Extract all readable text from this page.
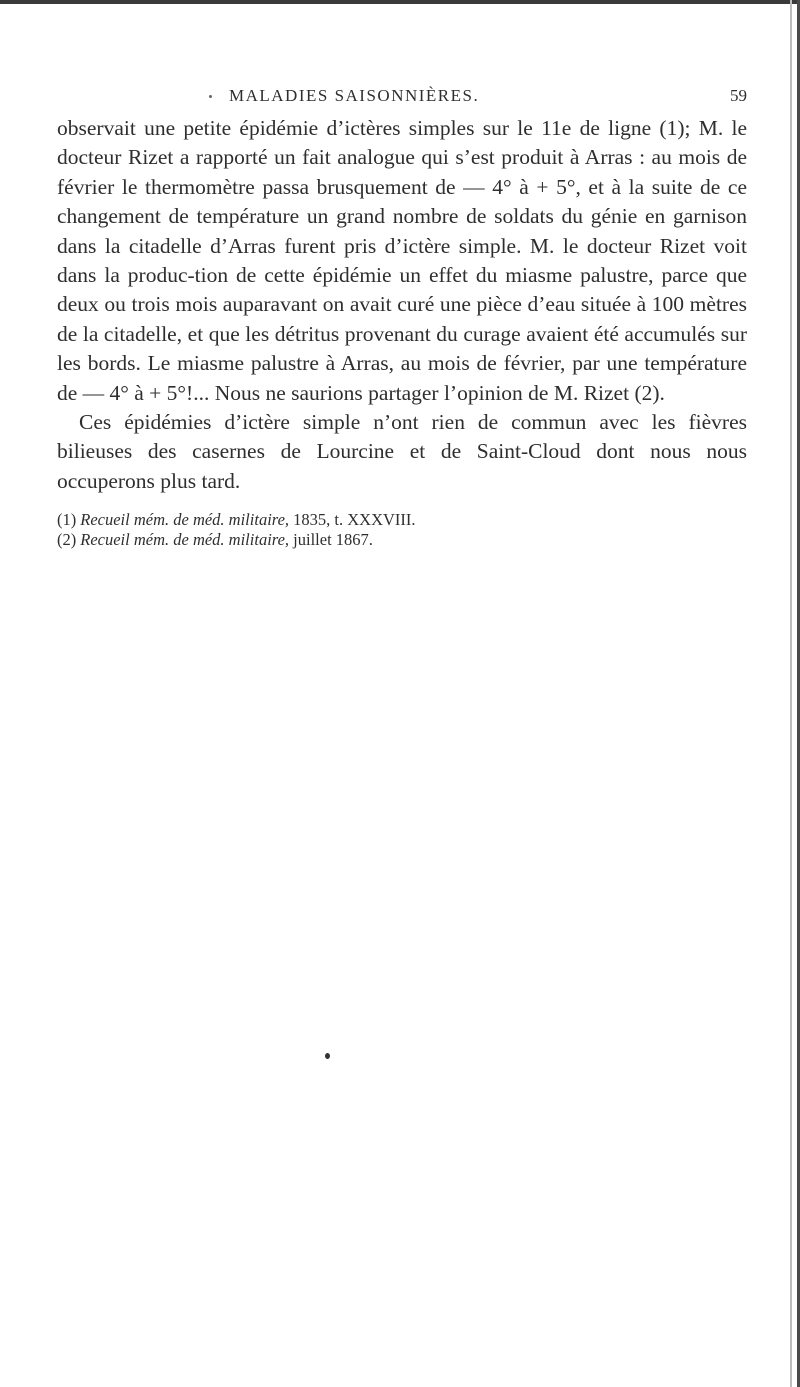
MALADIES SAISONNIÈRES.	59

observait une petite épidémie d’ictères simples sur le 11e de ligne (1); M. le docteur Rizet a rapporté un fait analogue qui s’est produit à Arras : au mois de février le thermomètre passa brusquement de — 4° à + 5°, et à la suite de ce changement de température un grand nombre de soldats du génie en garnison dans la citadelle d’Arras furent pris d’ictère simple. M. le docteur Rizet voit dans la produc-tion de cette épidémie un effet du miasme palustre, parce que deux ou trois mois auparavant on avait curé une pièce d’eau située à 100 mètres de la citadelle, et que les détritus provenant du curage avaient été accumulés sur les bords. Le miasme palustre à Arras, au mois de février, par une température de — 4° à + 5°!... Nous ne saurions partager l’opinion de M. Rizet (2).

Ces épidémies d’ictère simple n’ont rien de commun avec les fièvres bilieuses des casernes de Lourcine et de Saint-Cloud dont nous nous occuperons plus tard.

(1) Recueil mém. de méd. militaire, 1835, t. XXXVIII.
(2) Recueil mém. de méd. militaire, juillet 1867.
